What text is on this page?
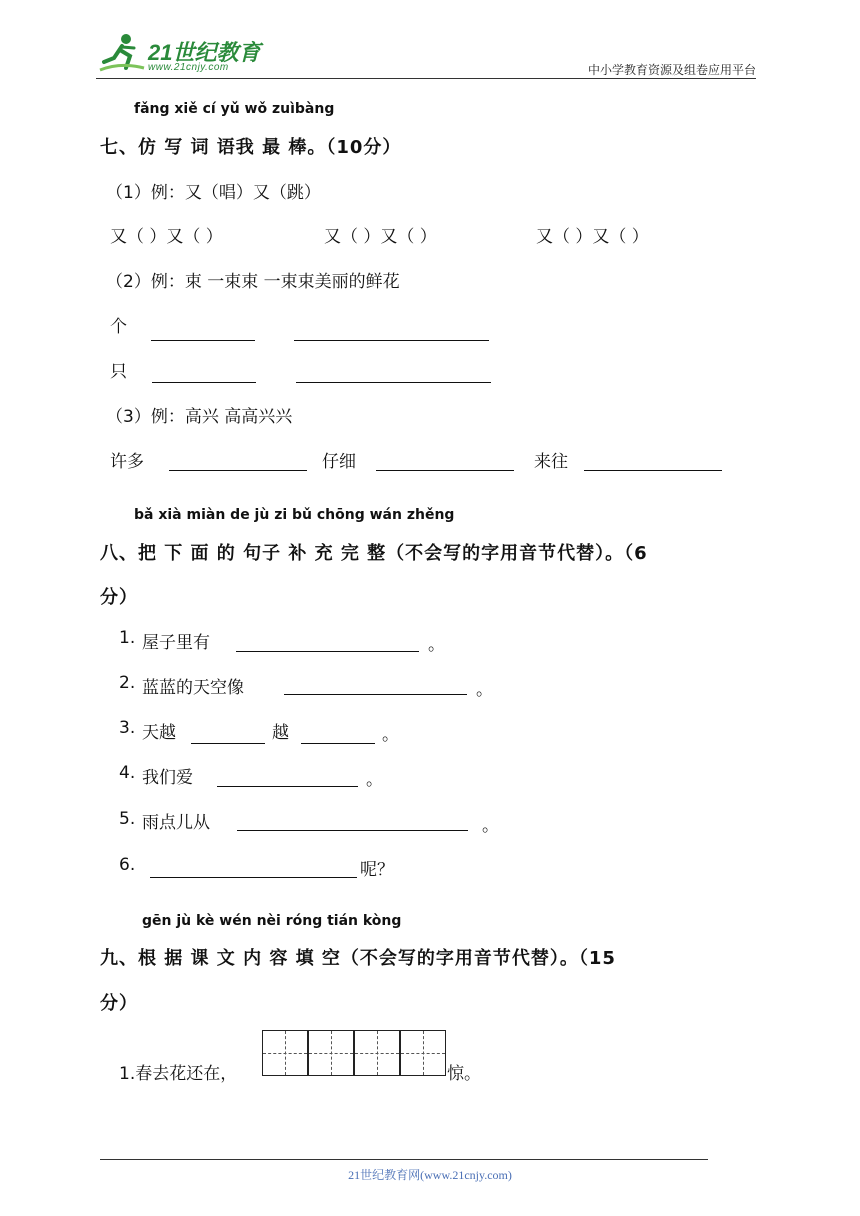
21世纪教育
www.21cnjy.com	中小学教育资源及组卷应用平台
fǎng xiě cí yǔ wǒ zuìbàng
七、仿 写 词 语我 最 棒。（10分）
（1）例：又（唱）又（跳）
又（ ）又（ ）	又（ ）又（ ）	又（ ）又（ ）
（2）例：束 一束束 一束束美丽的鲜花
个
只
（3）例：高兴 高高兴兴
许多	仔细	来往
bǎ xià miàn de jù zi bǔ chōng wán zhěng
八、把 下 面 的 句子 补 充 完 整（不会写的字用音节代替）。（6
分）
1. 屋子里有	。
2. 蓝蓝的天空像	。
3. 天越	越	。
4. 我们爱	。
5. 雨点儿从	。
6.	呢？
gēn jù kè wén nèi róng tián kòng
九、根 据 课 文 内 容 填 空（不会写的字用音节代替）。（15
分）
1.春去花还在，	惊。
21世纪教育网(www.21cnjy.com)
